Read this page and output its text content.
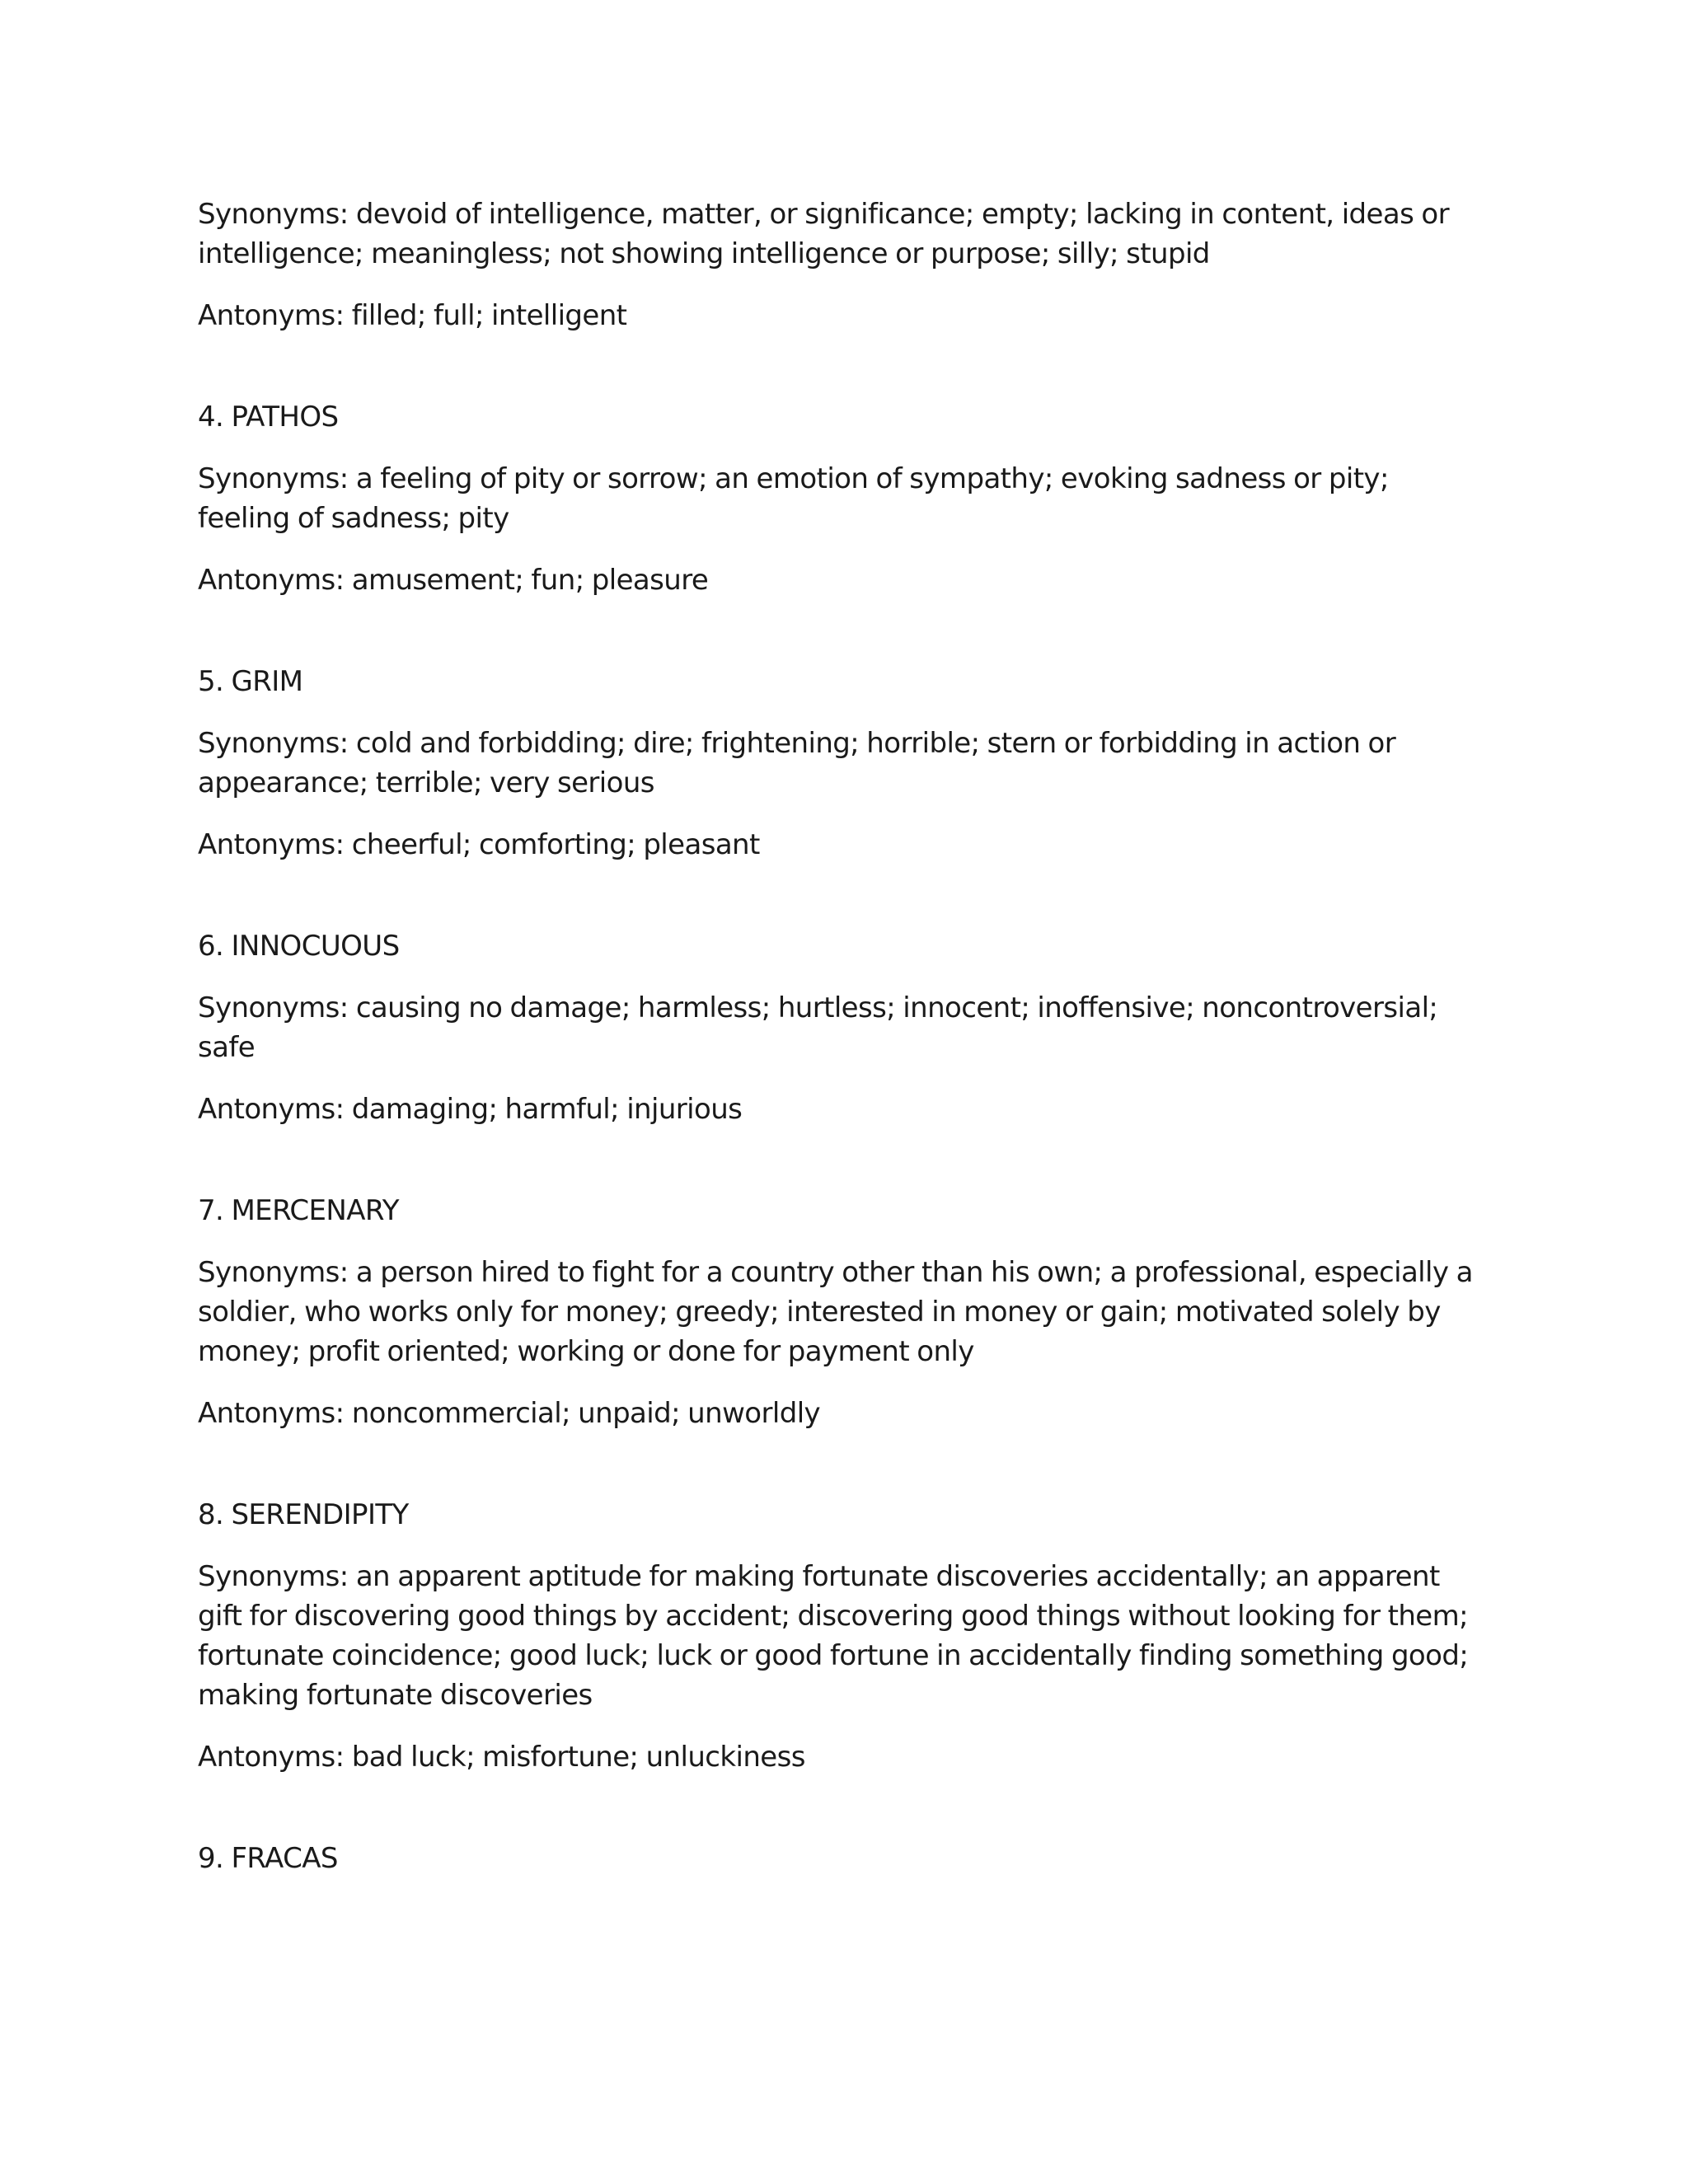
Synonyms: devoid of intelligence, matter, or significance; empty; lacking in content, ideas or intelligence; meaningless; not showing intelligence or purpose; silly; stupid

Antonyms: filled; full; intelligent

4. PATHOS

Synonyms: a feeling of pity or sorrow; an emotion of sympathy; evoking sadness or pity; feeling of sadness; pity

Antonyms: amusement; fun; pleasure

5. GRIM

Synonyms: cold and forbidding; dire; frightening; horrible; stern or forbidding in action or appearance; terrible; very serious

Antonyms: cheerful; comforting; pleasant

6. INNOCUOUS

Synonyms: causing no damage; harmless; hurtless; innocent; inoffensive; noncontroversial; safe

Antonyms: damaging; harmful; injurious

7. MERCENARY

Synonyms: a person hired to fight for a country other than his own; a professional, especially a soldier, who works only for money; greedy; interested in money or gain; motivated solely by money; profit oriented; working or done for payment only

Antonyms: noncommercial; unpaid; unworldly

8. SERENDIPITY

Synonyms: an apparent aptitude for making fortunate discoveries accidentally; an apparent gift for discovering good things by accident; discovering good things without looking for them; fortunate coincidence; good luck; luck or good fortune in accidentally finding something good; making fortunate discoveries

Antonyms: bad luck; misfortune; unluckiness

9. FRACAS
